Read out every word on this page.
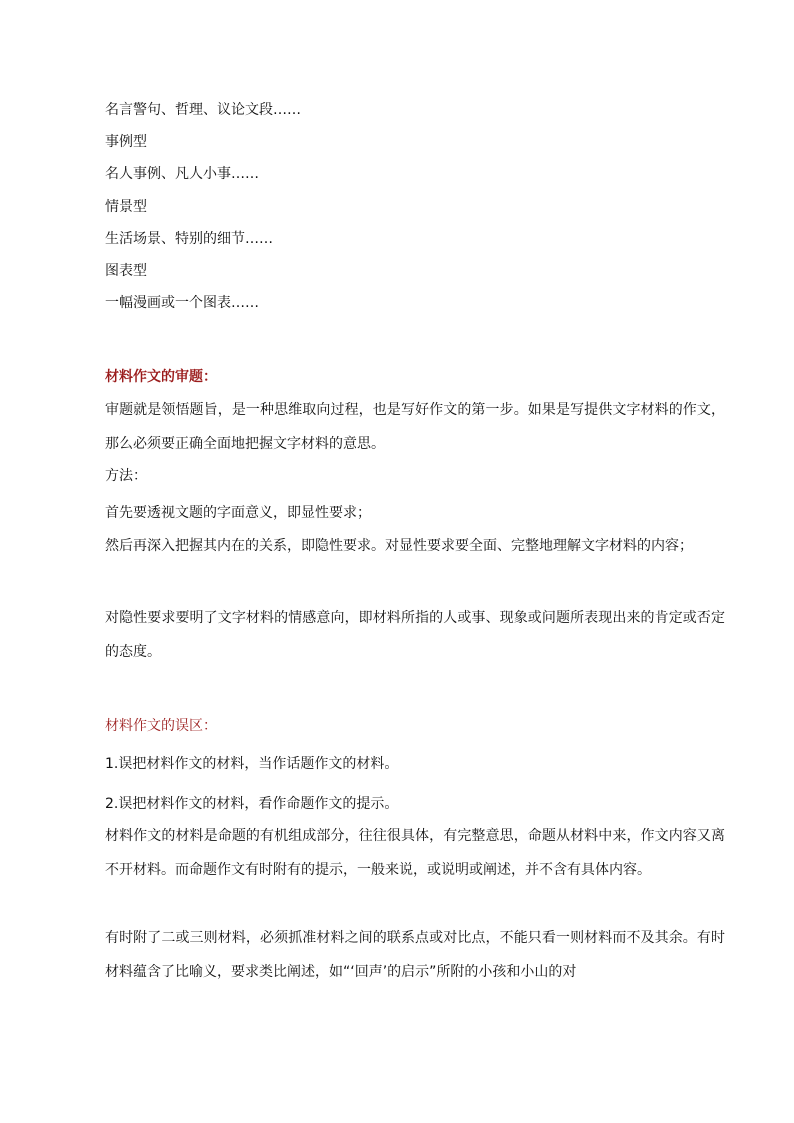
名言警句、哲理、议论文段……
事例型
名人事例、凡人小事……
情景型
生活场景、特别的细节……
图表型
一幅漫画或一个图表……
材料作文的审题：
审题就是领悟题旨，是一种思维取向过程，也是写好作文的第一步。如果是写提供文字材料的作文，那么必须要正确全面地把握文字材料的意思。
方法：
首先要透视文题的字面意义，即显性要求；
然后再深入把握其内在的关系，即隐性要求。对显性要求要全面、完整地理解文字材料的内容；
对隐性要求要明了文字材料的情感意向，即材料所指的人或事、现象或问题所表现出来的肯定或否定的态度。
材料作文的误区：
1.误把材料作文的材料，当作话题作文的材料。
2.误把材料作文的材料，看作命题作文的提示。
材料作文的材料是命题的有机组成部分，往往很具体，有完整意思，命题从材料中来，作文内容又离不开材料。而命题作文有时附有的提示，一般来说，或说明或阐述，并不含有具体内容。
有时附了二或三则材料，必须抓准材料之间的联系点或对比点，不能只看一则材料而不及其余。有时材料蕴含了比喻义，要求类比阐述，如“‘回声’的启示”所附的小孩和小山的对
